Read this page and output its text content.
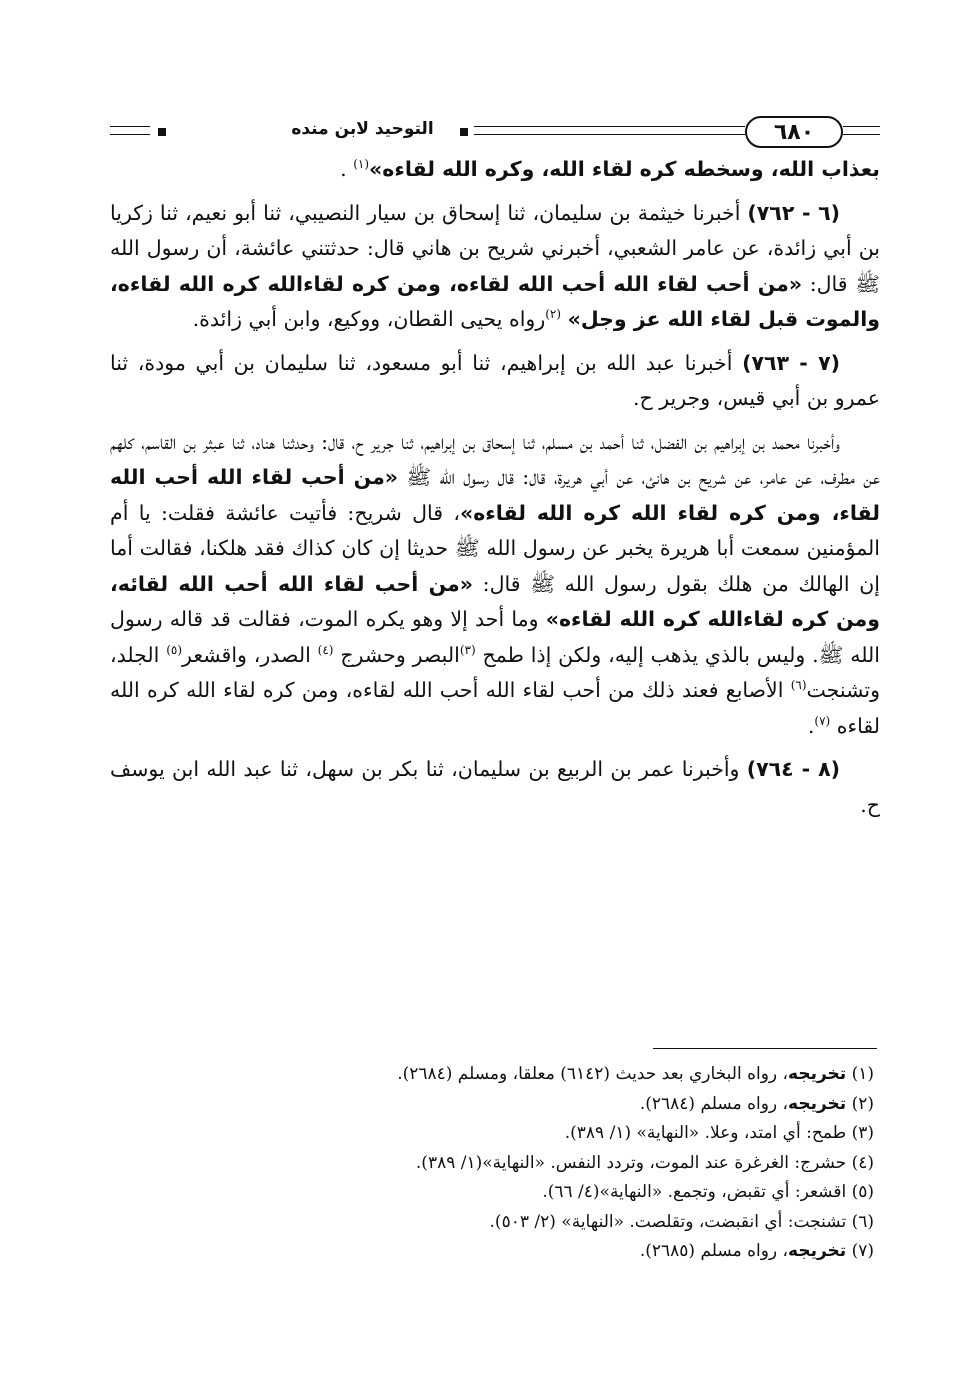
التوحيد لابن منده	٦٨٠

بعذاب الله، وسخطه كره لقاء الله، وكره الله لقاءه»$^{(١)}$ .

(٦ - ٧٦٢) أخبرنا خيثمة بن سليمان، ثنا إسحاق بن سيار النصيبي، ثنا أبو نعيم، ثنا زكريا بن أبي زائدة، عن عامر الشعبي، أخبرني شريح بن هاني قال: حدثتني عائشة، أن رسول الله ﷺ قال: «من أحب لقاء الله أحب الله لقاءه، ومن كره لقاءالله كره الله لقاءه، والموت قبل لقاء الله عز وجل» $^{(٢)}$رواه يحيى القطان، ووكيع، وابن أبي زائدة.

(٧ - ٧٦٣) أخبرنا عبد الله بن إبراهيم، ثنا أبو مسعود، ثنا سليمان بن أبي مودة، ثنا عمرو بن أبي قيس، وجرير ح.

وأخبرنا محمد بن إبراهيم بن الفضل، ثنا أحمد بن مسلم، ثنا إسحاق بن إبراهيم، ثنا جرير ح، قال: وحدثنا هناد، ثنا عبثر بن القاسم، كلهم عن مطرف، عن عامر، عن شريح بن هانئ، عن أبي هريرة، قال: قال رسول الله ﷺ «من أحب لقاء الله أحب الله لقاء، ومن كره لقاء الله كره الله لقاءه»، قال شريح: فأتيت عائشة فقلت: يا أم المؤمنين سمعت أبا هريرة يخبر عن رسول الله ﷺ حديثا إن كان كذاك فقد هلكنا، فقالت أما إن الهالك من هلك بقول رسول الله ﷺ قال: «من أحب لقاء الله أحب الله لقائه، ومن كره لقاءالله كره الله لقاءه» وما أحد إلا وهو يكره الموت، فقالت قد قاله رسول الله ﷺ. وليس بالذي يذهب إليه، ولكن إذا طمح $^{(٣)}$البصر وحشرج $^{(٤)}$ الصدر، واقشعر$^{(٥)}$ الجلد، وتشنجت$^{(٦)}$ الأصابع فعند ذلك من أحب لقاء الله أحب الله لقاءه، ومن كره لقاء الله كره الله لقاءه $^{(٧)}$.

(٨ - ٧٦٤) وأخبرنا عمر بن الربيع بن سليمان، ثنا بكر بن سهل، ثنا عبد الله ابن يوسف ح.

(١) تخريجه، رواه البخاري بعد حديث (٦١٤٢) معلقا، ومسلم (٢٦٨٤).
(٢) تخريجه، رواه مسلم (٢٦٨٤).
(٣) طمح: أي امتد، وعلا. «النهاية» (١/ ٣٨٩).
(٤) حشرج: الغرغرة عند الموت، وتردد النفس. «النهاية»(١/ ٣٨٩).
(٥) اقشعر: أي تقبض، وتجمع. «النهاية»(٤/ ٦٦).
(٦) تشنجت: أي انقبضت، وتقلصت. «النهاية» (٢/ ٥٠٣).
(٧) تخريجه، رواه مسلم (٢٦٨٥).
